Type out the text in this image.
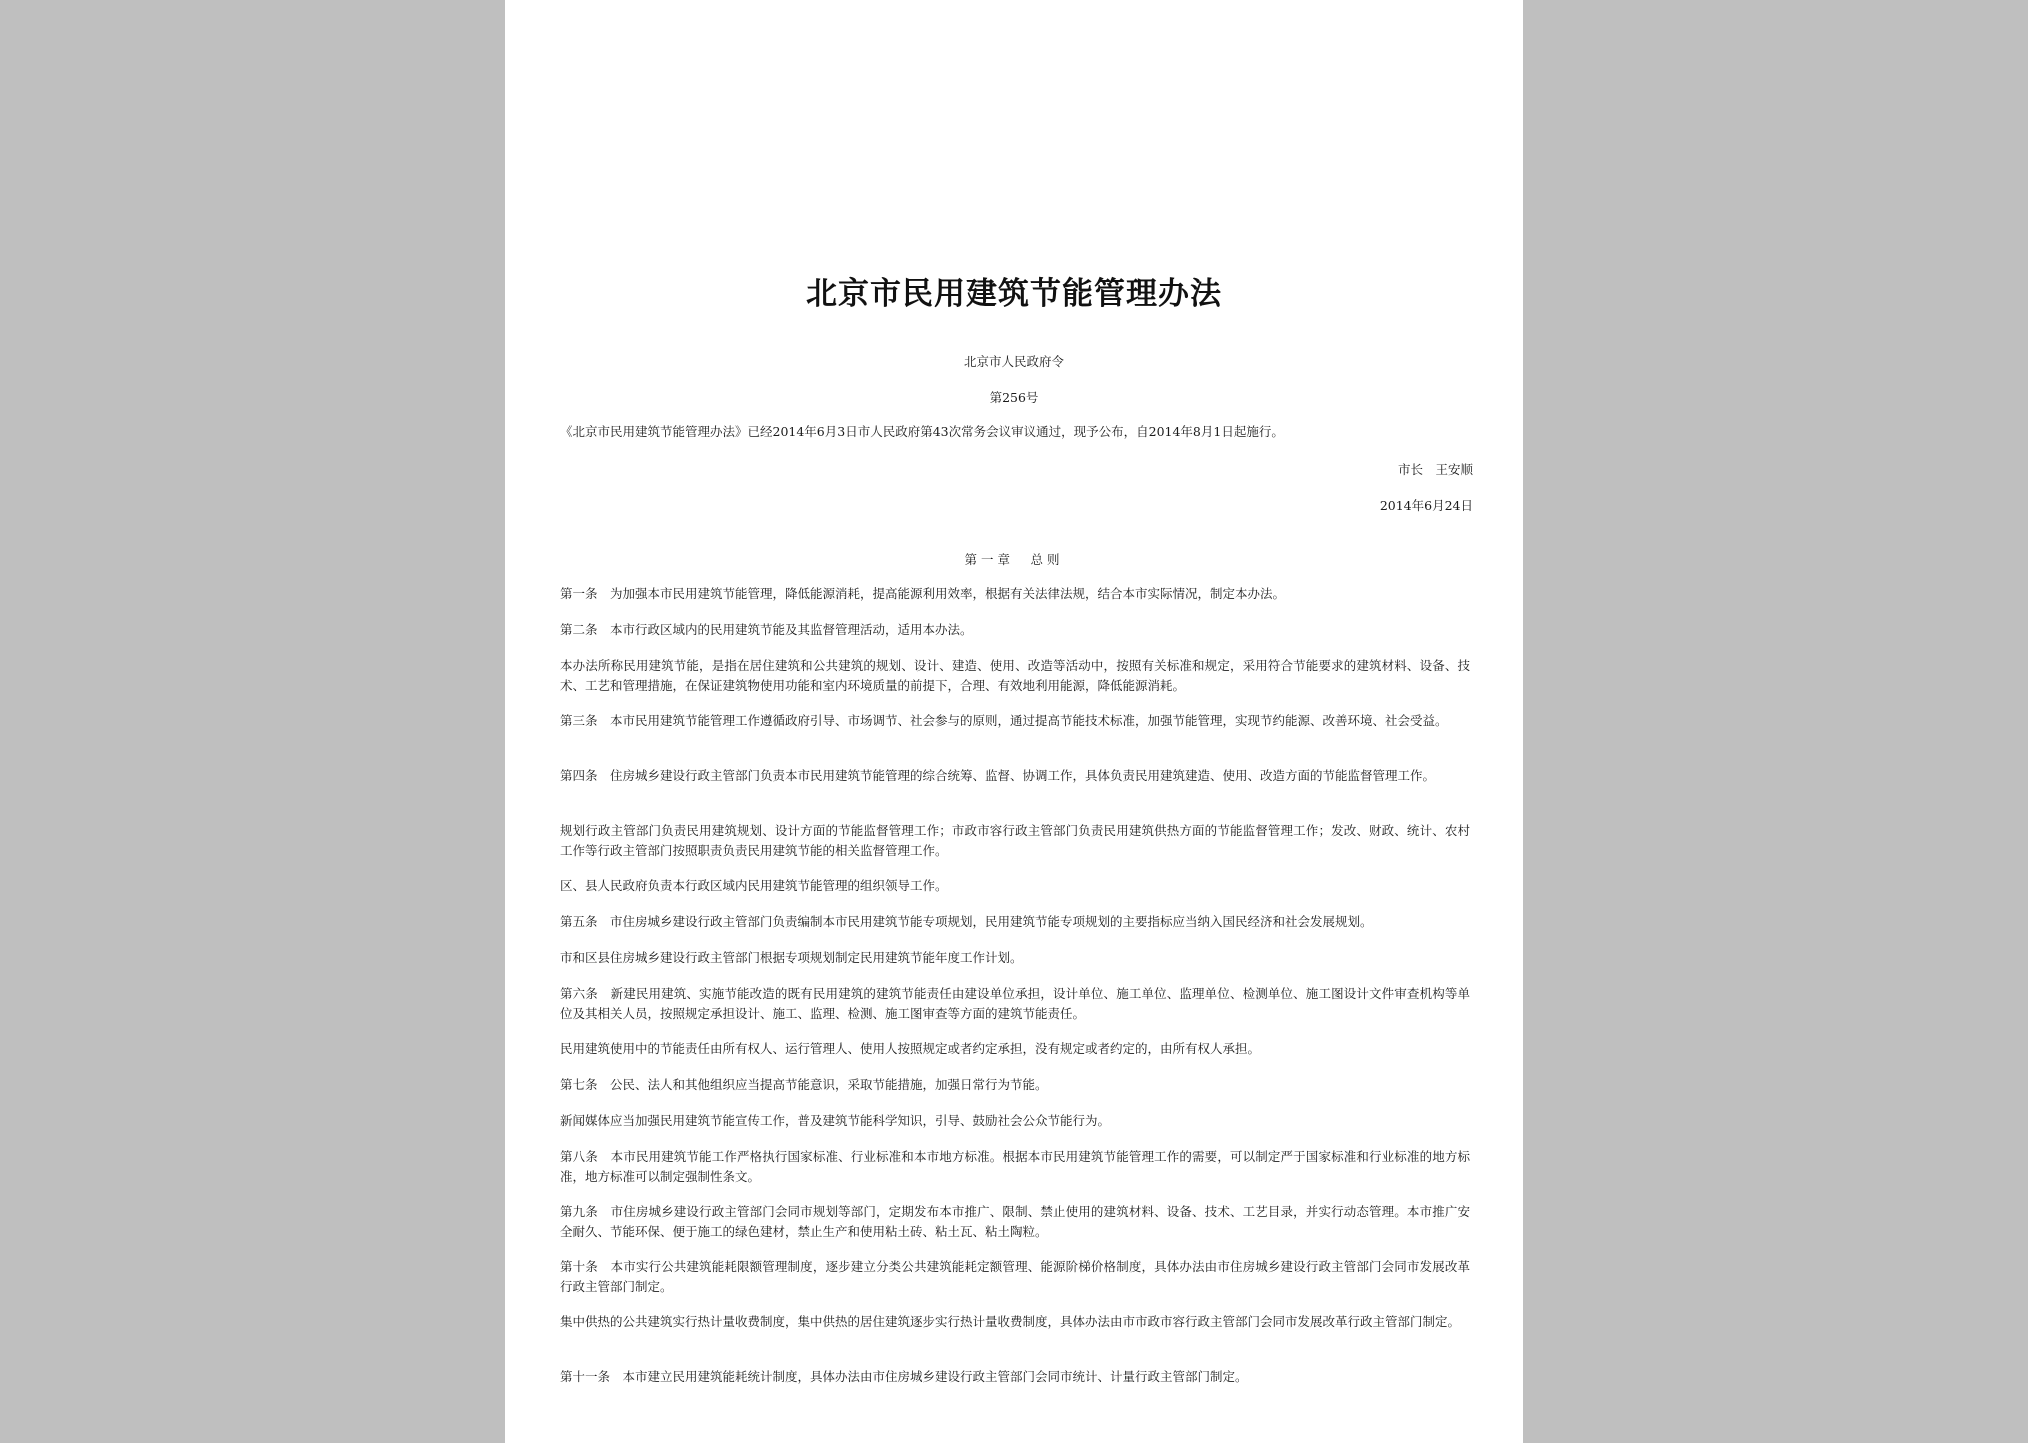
北京市民用建筑节能管理办法
北京市人民政府令
第256号

《北京市民用建筑节能管理办法》已经2014年6月3日市人民政府第43次常务会议审议通过，现予公布，自2014年8月1日起施行。

市长　王安顺
2014年6月24日
第一章　总则

第一条　为加强本市民用建筑节能管理，降低能源消耗，提高能源利用效率，根据有关法律法规，结合本市实际情况，制定本办法。

第二条　本市行政区域内的民用建筑节能及其监督管理活动，适用本办法。

本办法所称民用建筑节能，是指在居住建筑和公共建筑的规划、设计、建造、使用、改造等活动中，按照有关标准和规定，采用符合节能要求的建筑材料、设备、技术、工艺和管理措施，在保证建筑物使用功能和室内环境质量的前提下，合理、有效地利用能源，降低能源消耗。

第三条　本市民用建筑节能管理工作遵循政府引导、市场调节、社会参与的原则，通过提高节能技术标准，加强节能管理，实现节约能源、改善环境、社会受益。

第四条　住房城乡建设行政主管部门负责本市民用建筑节能管理的综合统筹、监督、协调工作，具体负责民用建筑建造、使用、改造方面的节能监督管理工作。

规划行政主管部门负责民用建筑规划、设计方面的节能监督管理工作；市政市容行政主管部门负责民用建筑供热方面的节能监督管理工作；发改、财政、统计、农村工作等行政主管部门按照职责负责民用建筑节能的相关监督管理工作。

区、县人民政府负责本行政区域内民用建筑节能管理的组织领导工作。

第五条　市住房城乡建设行政主管部门负责编制本市民用建筑节能专项规划，民用建筑节能专项规划的主要指标应当纳入国民经济和社会发展规划。

市和区县住房城乡建设行政主管部门根据专项规划制定民用建筑节能年度工作计划。

第六条　新建民用建筑、实施节能改造的既有民用建筑的建筑节能责任由建设单位承担，设计单位、施工单位、监理单位、检测单位、施工图设计文件审查机构等单位及其相关人员，按照规定承担设计、施工、监理、检测、施工图审查等方面的建筑节能责任。

民用建筑使用中的节能责任由所有权人、运行管理人、使用人按照规定或者约定承担，没有规定或者约定的，由所有权人承担。

第七条　公民、法人和其他组织应当提高节能意识，采取节能措施，加强日常行为节能。

新闻媒体应当加强民用建筑节能宣传工作，普及建筑节能科学知识，引导、鼓励社会公众节能行为。

第八条　本市民用建筑节能工作严格执行国家标准、行业标准和本市地方标准。根据本市民用建筑节能管理工作的需要，可以制定严于国家标准和行业标准的地方标准，地方标准可以制定强制性条文。

第九条　市住房城乡建设行政主管部门会同市规划等部门，定期发布本市推广、限制、禁止使用的建筑材料、设备、技术、工艺目录，并实行动态管理。本市推广安全耐久、节能环保、便于施工的绿色建材，禁止生产和使用粘土砖、粘土瓦、粘土陶粒。

第十条　本市实行公共建筑能耗限额管理制度，逐步建立分类公共建筑能耗定额管理、能源阶梯价格制度，具体办法由市住房城乡建设行政主管部门会同市发展改革行政主管部门制定。

集中供热的公共建筑实行热计量收费制度，集中供热的居住建筑逐步实行热计量收费制度，具体办法由市市政市容行政主管部门会同市发展改革行政主管部门制定。

第十一条　本市建立民用建筑能耗统计制度，具体办法由市住房城乡建设行政主管部门会同市统计、计量行政主管部门制定。
